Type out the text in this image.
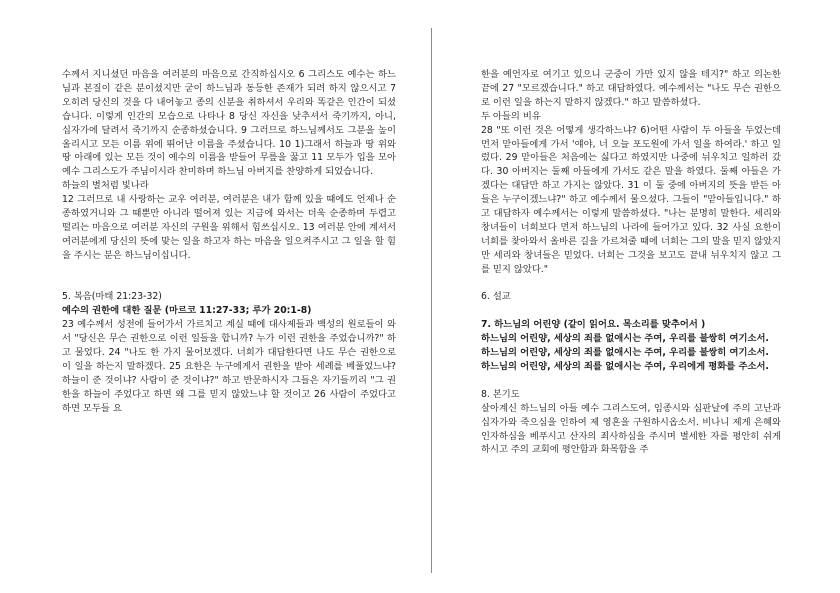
수께서 지니셨던 마음을 여러분의 마음으로 간직하십시오 6 그리스도 예수는 하느님과 본질이 같은 분이셨지만 굳이 하느님과 동등한 존재가 되려 하지 않으시고 7 오히려 당신의 것을 다 내어놓고 종의 신분을 취하셔서 우리와 똑같은 인간이 되셨습니다. 이렇게 인간의 모습으로 나타나 8 당신 자신을 낮추셔서 죽기까지, 아니, 십자가에 달려서 죽기까지 순종하셨습니다. 9 그러므로 하느님께서도 그분을 높이 올리시고 모든 이름 위에 뛰어난 이름을 주셨습니다. 10 1)그래서 하늘과 땅 위와 땅 아래에 있는 모든 것이 예수의 이름을 받들어 무릎을 꿇고 11 모두가 입을 모아 예수 그리스도가 주님이시라 찬미하며 하느님 아버지를 찬양하게 되었습니다.

하늘의 별처럼 빛나라

12 그러므로 내 사랑하는 교우 여러분, 여러분은 내가 함께 있을 때에도 언제나 순종하였거니와 그 때뿐만 아니라 떨어져 있는 지금에 와서는 더욱 순종하며 두렵고 떨리는 마음으로 여러분 자신의 구원을 위해서 힘쓰십시오. 13 여러분 안에 계셔서 여러분에게 당신의 뜻에 맞는 일을 하고자 하는 마음을 일으켜주시고 그 일을 할 힘을 주시는 분은 하느님이십니다.

5. 복음(마태 21:23-32)

예수의 권한에 대한 질문 (마르코 11:27-33; 루가 20:1-8)

23 예수께서 성전에 들어가서 가르치고 계실 때에 대사제들과 백성의 원로들이 와서 "당신은 무슨 권한으로 이런 일들을 합니까? 누가 이런 권한을 주었습니까?" 하고 물었다. 24 "나도 한 가지 물어보겠다. 너희가 대답한다면 나도 무슨 권한으로 이 일을 하는지 말하겠다. 25 요한은 누구에게서 권한을 받아 세례를 베풀었느냐? 하늘이 준 것이냐? 사람이 준 것이냐?" 하고 반문하시자 그들은 자기들끼리 "그 권한을 하늘이 주었다고 하면 왜 그를 믿지 않았느냐 할 것이고 26 사람이 주었다고 하면 모두들 요

한을 예언자로 여기고 있으니 군중이 가만 있지 않을 테지?" 하고 의논한 끝에 27 "모르겠습니다." 하고 대답하였다. 예수께서는 "나도 무슨 권한으로 이런 일을 하는지 말하지 않겠다." 하고 말씀하셨다.

두 아들의 비유

28 "또 이런 것은 어떻게 생각하느냐? 6)어떤 사람이 두 아들을 두었는데 먼저 맏아들에게 가서 '얘야, 너 오늘 포도원에 가서 일을 하여라.' 하고 일렀다. 29 맏아들은 처음에는 싫다고 하였지만 나중에 뉘우치고 일하러 갔다. 30 아버지는 둘째 아들에게 가서도 같은 말을 하였다. 둘째 아들은 가겠다는 대답만 하고 가지는 않았다. 31 이 둘 중에 아버지의 뜻을 받든 아들은 누구이겠느냐?" 하고 예수께서 물으셨다. 그들이 "맏아들입니다." 하고 대답하자 예수께서는 이렇게 말씀하셨다. "나는 분명히 말한다. 세리와 창녀들이 너희보다 먼저 하느님의 나라에 들어가고 있다. 32 사실 요한이 너희를 찾아와서 올바른 길을 가르쳐줄 때에 너희는 그의 말을 믿지 않았지만 세리와 창녀들은 믿었다. 너희는 그것을 보고도 끝내 뉘우치지 않고 그를 믿지 않았다."

6. 설교

7. 하느님의 어린양 (같이 읽어요. 목소리를 맞추어서 )

하느님의 어린양, 세상의 죄를 없애시는 주여, 우리를 불쌍히 여기소서.

하느님의 어린양, 세상의 죄를 없애시는 주여, 우리를 불쌍히 여기소서.

하느님의 어린양, 세상의 죄를 없애시는 주여, 우리에게 평화를 주소서.

8. 본기도

살아계신 하느님의 아들 예수 그리스도여, 임종시와 심판날에 주의 고난과 십자가와 죽으심을 인하여 제 영혼을 구원하시옵소서. 비나니 제게 은혜와 인자하심을 베푸시고 산자의 죄사하심을 주시며 별세한 자를 평안히 쉬게 하시고 주의 교회에 평안함과 화목함을 주
